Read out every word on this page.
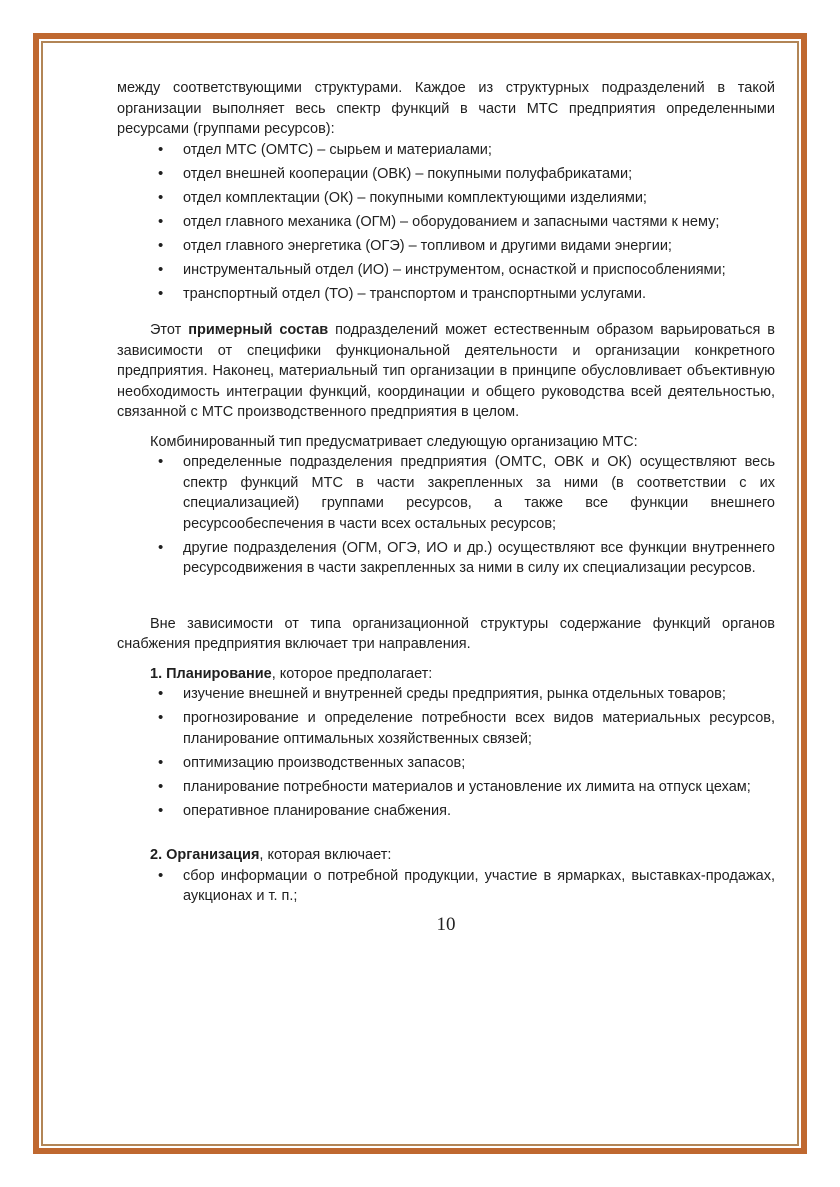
между соответствующими структурами. Каждое из структурных подразделений в такой организации выполняет весь спектр функций в части МТС предприятия определенными ресурсами (группами ресурсов):

• отдел МТС (ОМТС) – сырьем и материалами;
• отдел внешней кооперации (ОВК) – покупными полуфабрикатами;
• отдел комплектации (ОК) – покупными комплектующими изделиями;
• отдел главного механика (ОГМ) – оборудованием и запасными частями к нему;
• отдел главного энергетика (ОГЭ) – топливом и другими видами энергии;
• инструментальный отдел (ИО) – инструментом, оснасткой и приспособлениями;
• транспортный отдел (ТО) – транспортом и транспортными услугами.

Этот примерный состав подразделений может естественным образом варьироваться в зависимости от специфики функциональной деятельности и организации конкретного предприятия. Наконец, материальный тип организации в принципе обусловливает объективную необходимость интеграции функций, координации и общего руководства всей деятельностью, связанной с МТС производственного предприятия в целом.

Комбинированный тип предусматривает следующую организацию МТС:

• определенные подразделения предприятия (ОМТС, ОВК и ОК) осуществляют весь спектр функций МТС в части закрепленных за ними (в соответствии с их специализацией) группами ресурсов, а также все функции внешнего ресурсообеспечения в части всех остальных ресурсов;
• другие подразделения (ОГМ, ОГЭ, ИО и др.) осуществляют все функции внутреннего ресурсодвижения в части закрепленных за ними в силу их специализации ресурсов.

Вне зависимости от типа организационной структуры содержание функций органов снабжения предприятия включает три направления.

1. Планирование, которое предполагает:

• изучение внешней и внутренней среды предприятия, рынка отдельных товаров;
• прогнозирование и определение потребности всех видов материальных ресурсов, планирование оптимальных хозяйственных связей;
• оптимизацию производственных запасов;
• планирование потребности материалов и установление их лимита на отпуск цехам;
• оперативное планирование снабжения.

2. Организация, которая включает:

• сбор информации о потребной продукции, участие в ярмарках, выставках-продажах, аукционах и т. п.;
10
